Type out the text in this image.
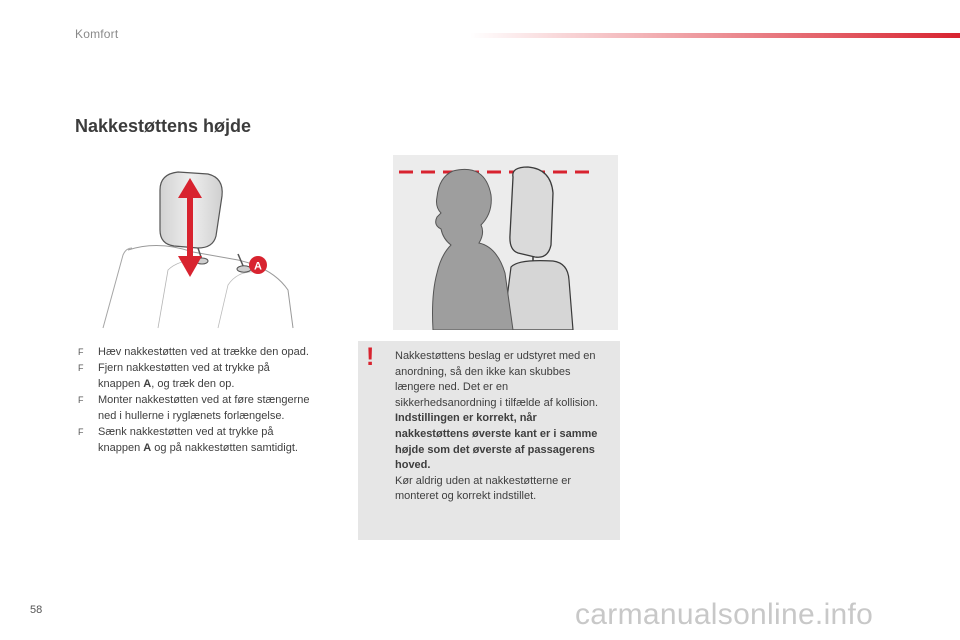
Komfort
Nakkestøttens højde
A
F Hæv nakkestøtten ved at trække den opad.
F Fjern nakkestøtten ved at trykke på
knappen A, og træk den op.
F Monter nakkestøtten ved at føre stængerne
ned i hullerne i ryglænets forlængelse.
F Sænk nakkestøtten ved at trykke på
knappen A og på nakkestøtten samtidigt.
! Nakkestøttens beslag er udstyret med en anordning, så den ikke kan skubbes længere ned. Det er en sikkerhedsanordning i tilfælde af kollision.
Indstillingen er korrekt, når nakkestøttens øverste kant er i samme højde som det øverste af passagerens hoved.
Kør aldrig uden at nakkestøtterne er monteret og korrekt indstillet.
58	carmanualsonline.info
